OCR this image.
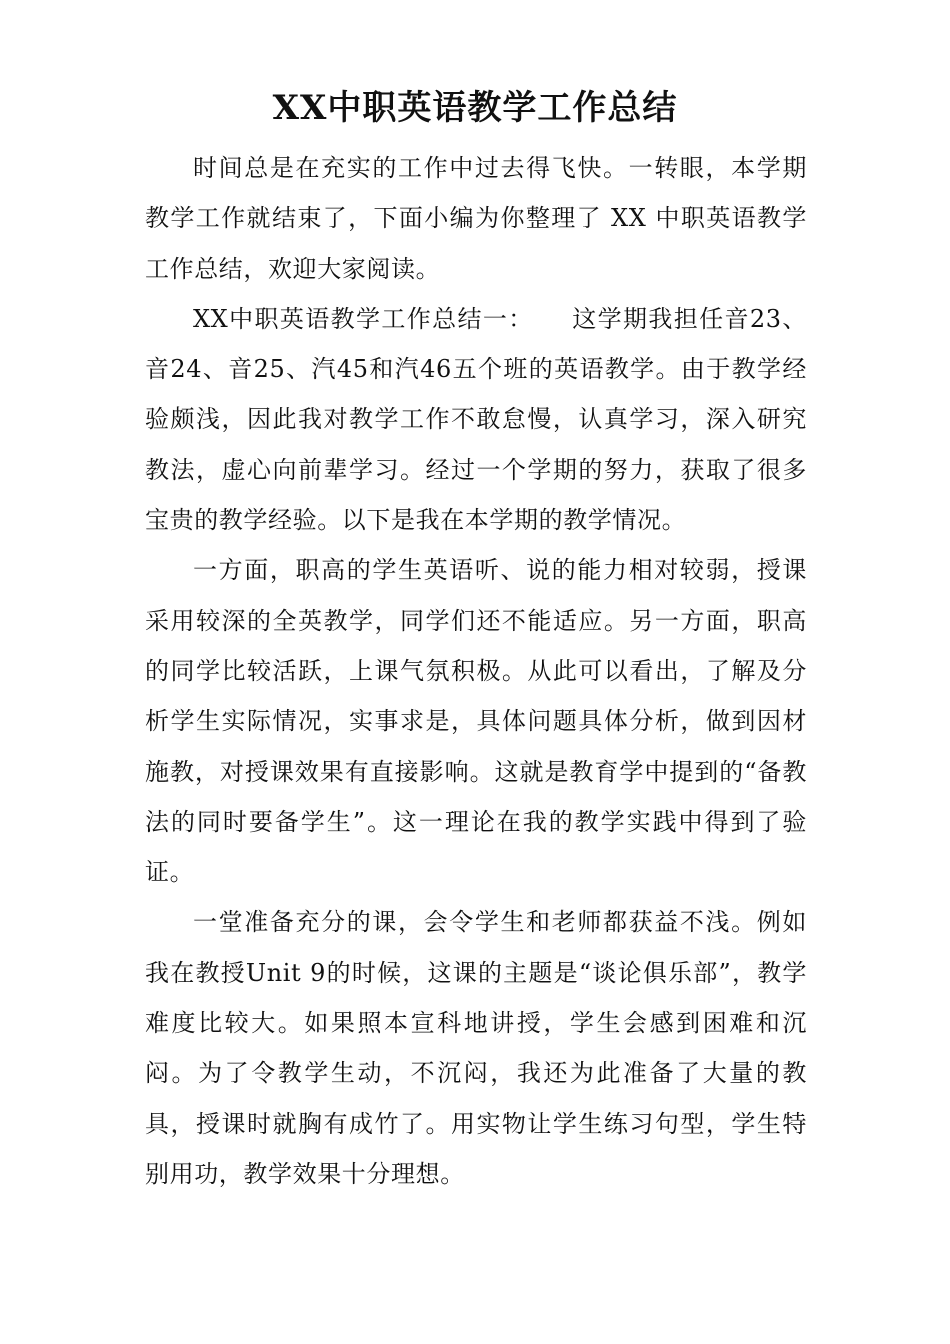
XX中职英语教学工作总结

时间总是在充实的工作中过去得飞快。一转眼，本学期教学工作就结束了，下面小编为你整理了 XX 中职英语教学工作总结，欢迎大家阅读。

XX中职英语教学工作总结一：　　这学期我担任音23、音24、音25、汽45和汽46五个班的英语教学。由于教学经验颇浅，因此我对教学工作不敢怠慢，认真学习，深入研究教法，虚心向前辈学习。经过一个学期的努力，获取了很多宝贵的教学经验。以下是我在本学期的教学情况。

一方面，职高的学生英语听、说的能力相对较弱，授课采用较深的全英教学，同学们还不能适应。另一方面，职高的同学比较活跃，上课气氛积极。从此可以看出，了解及分析学生实际情况，实事求是，具体问题具体分析，做到因材施教，对授课效果有直接影响。这就是教育学中提到的“备教法的同时要备学生”。这一理论在我的教学实践中得到了验证。

一堂准备充分的课，会令学生和老师都获益不浅。例如我在教授Unit 9的时候，这课的主题是“谈论俱乐部”，教学难度比较大。如果照本宣科地讲授，学生会感到困难和沉闷。为了令教学生动，不沉闷，我还为此准备了大量的教具，授课时就胸有成竹了。用实物让学生练习句型，学生特别用功，教学效果十分理想。
